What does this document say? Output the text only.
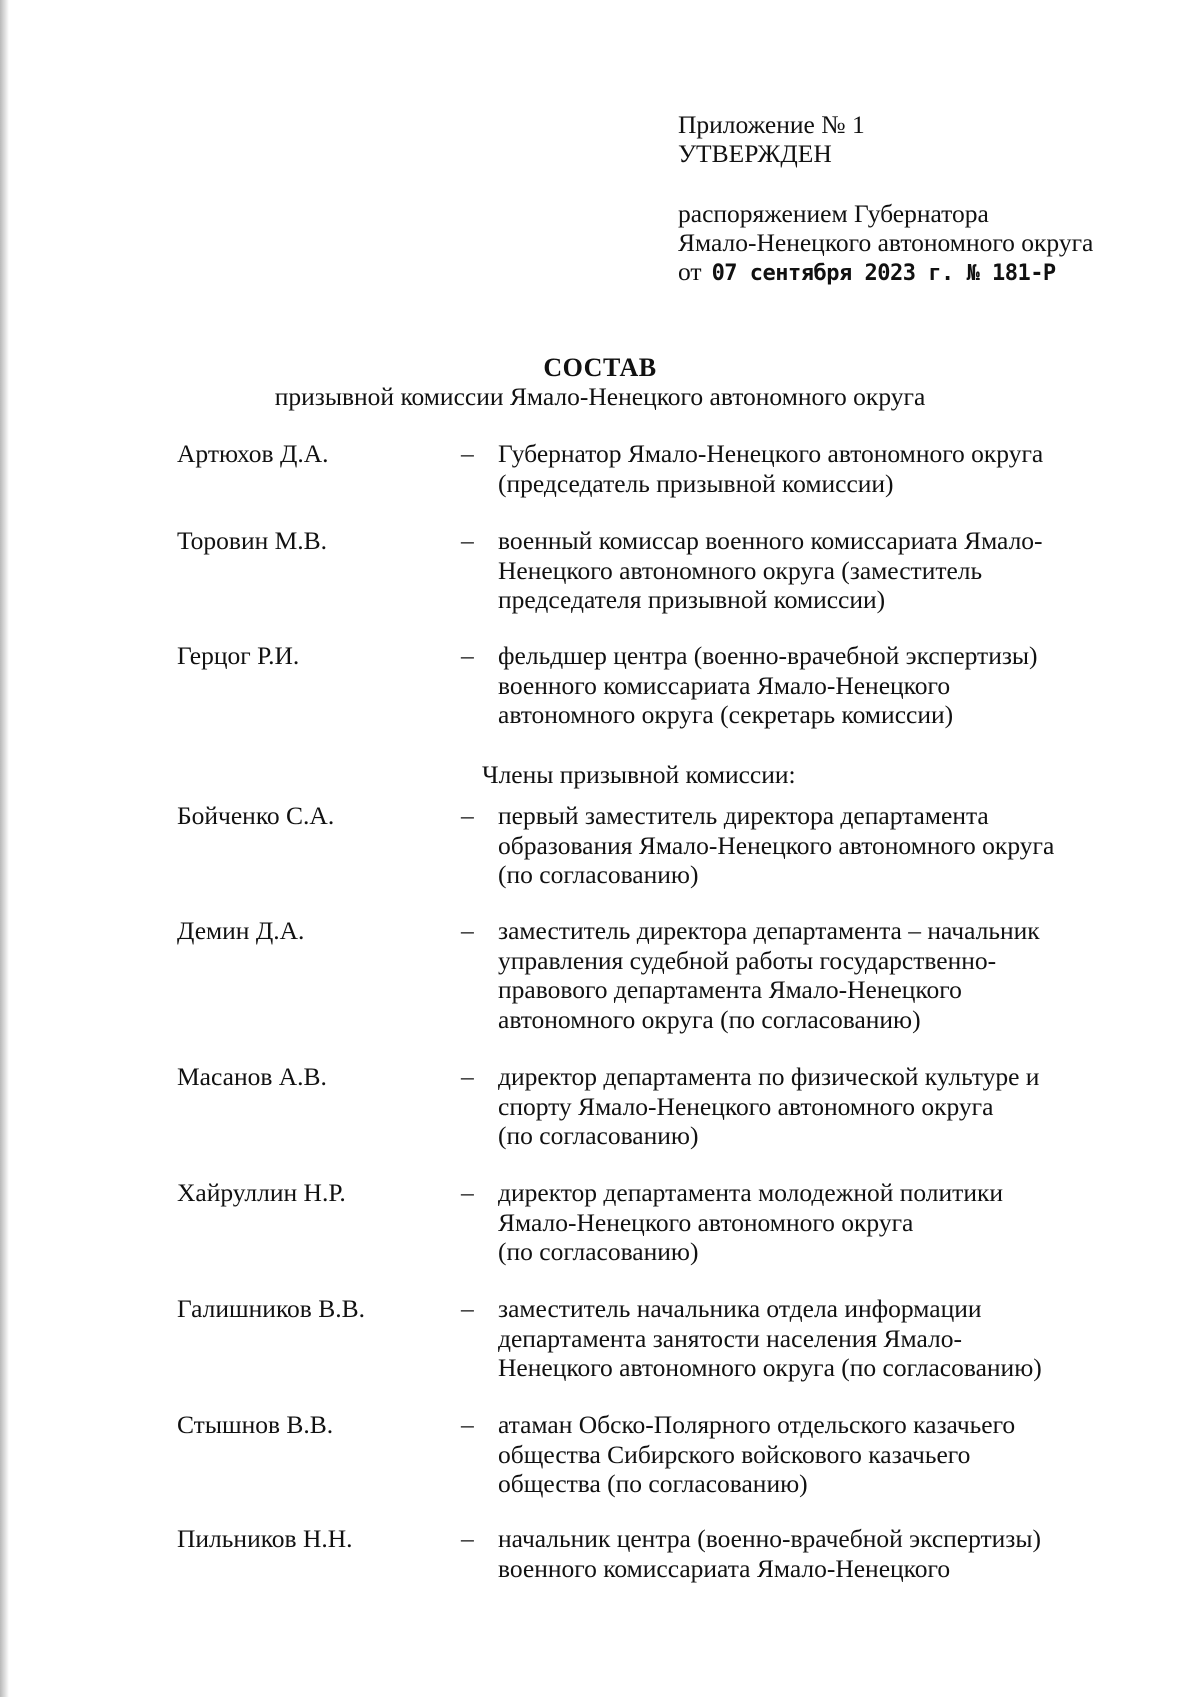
Приложение № 1
УТВЕРЖДЕН
распоряжением Губернатора
Ямало-Ненецкого автономного округа
от 07 сентября 2023 г. № 181-Р
СОСТАВ
призывной комиссии Ямало-Ненецкого автономного округа
Артюхов Д.А.	– Губернатор Ямало-Ненецкого автономного округа
(председатель призывной комиссии)
Торовин М.В.	– военный комиссар военного комиссариата Ямало-
Ненецкого автономного округа (заместитель
председателя призывной комиссии)
Герцог Р.И.	– фельдшер центра (военно-врачебной экспертизы)
военного комиссариата Ямало-Ненецкого
автономного округа (секретарь комиссии)
Члены призывной комиссии:
Бойченко С.А.	– первый заместитель директора департамента
образования Ямало-Ненецкого автономного округа
(по согласованию)
Демин Д.А.	– заместитель директора департамента – начальник
управления судебной работы государственно-
правового департамента Ямало-Ненецкого
автономного округа (по согласованию)
Масанов А.В.	– директор департамента по физической культуре и
спорту Ямало-Ненецкого автономного округа
(по согласованию)
Хайруллин Н.Р.	– директор департамента молодежной политики
Ямало-Ненецкого автономного округа
(по согласованию)
Галишников В.В.	– заместитель начальника отдела информации
департамента занятости населения Ямало-
Ненецкого автономного округа (по согласованию)
Стышнов В.В.	– атаман Обско-Полярного отдельского казачьего
общества Сибирского войскового казачьего
общества (по согласованию)
Пильников Н.Н.	– начальник центра (военно-врачебной экспертизы)
военного комиссариата Ямало-Ненецкого
